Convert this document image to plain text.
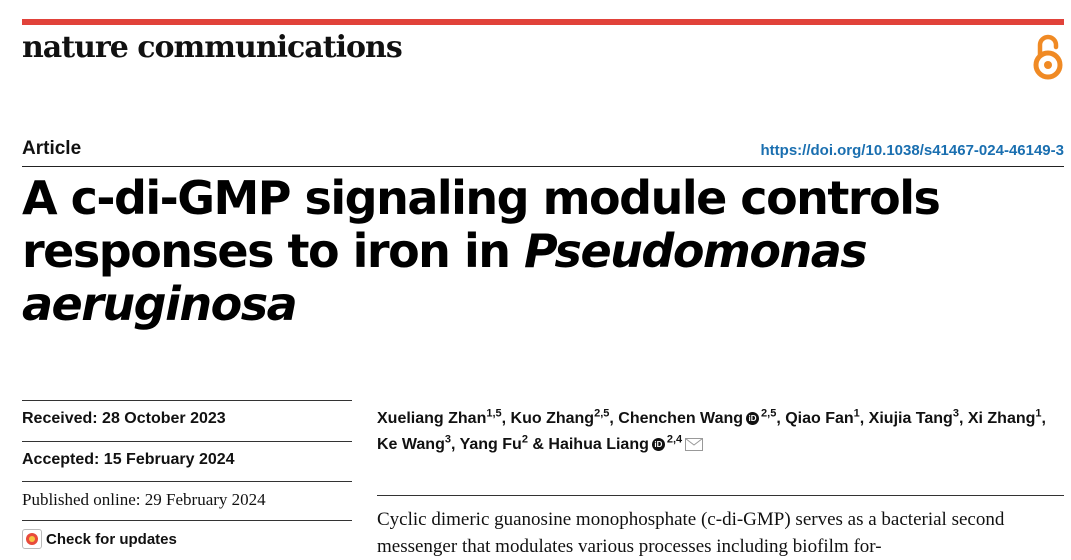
nature communications
Article	https://doi.org/10.1038/s41467-024-46149-3
A c-di-GMP signaling module controls responses to iron in Pseudomonas aeruginosa
Received: 28 October 2023
Accepted: 15 February 2024
Published online: 29 February 2024
Check for updates
Xueliang Zhan$^{1,5}$, Kuo Zhang$^{2,5}$, Chenchen Wang iD $^{2,5}$, Qiao Fan$^1$, Xiujia Tang$^3$, Xi Zhang$^1$, Ke Wang$^3$, Yang Fu$^2$ & Haihua Liang iD $^{2,4}$

Cyclic dimeric guanosine monophosphate (c-di-GMP) serves as a bacterial second messenger that modulates various processes including biofilm for-
